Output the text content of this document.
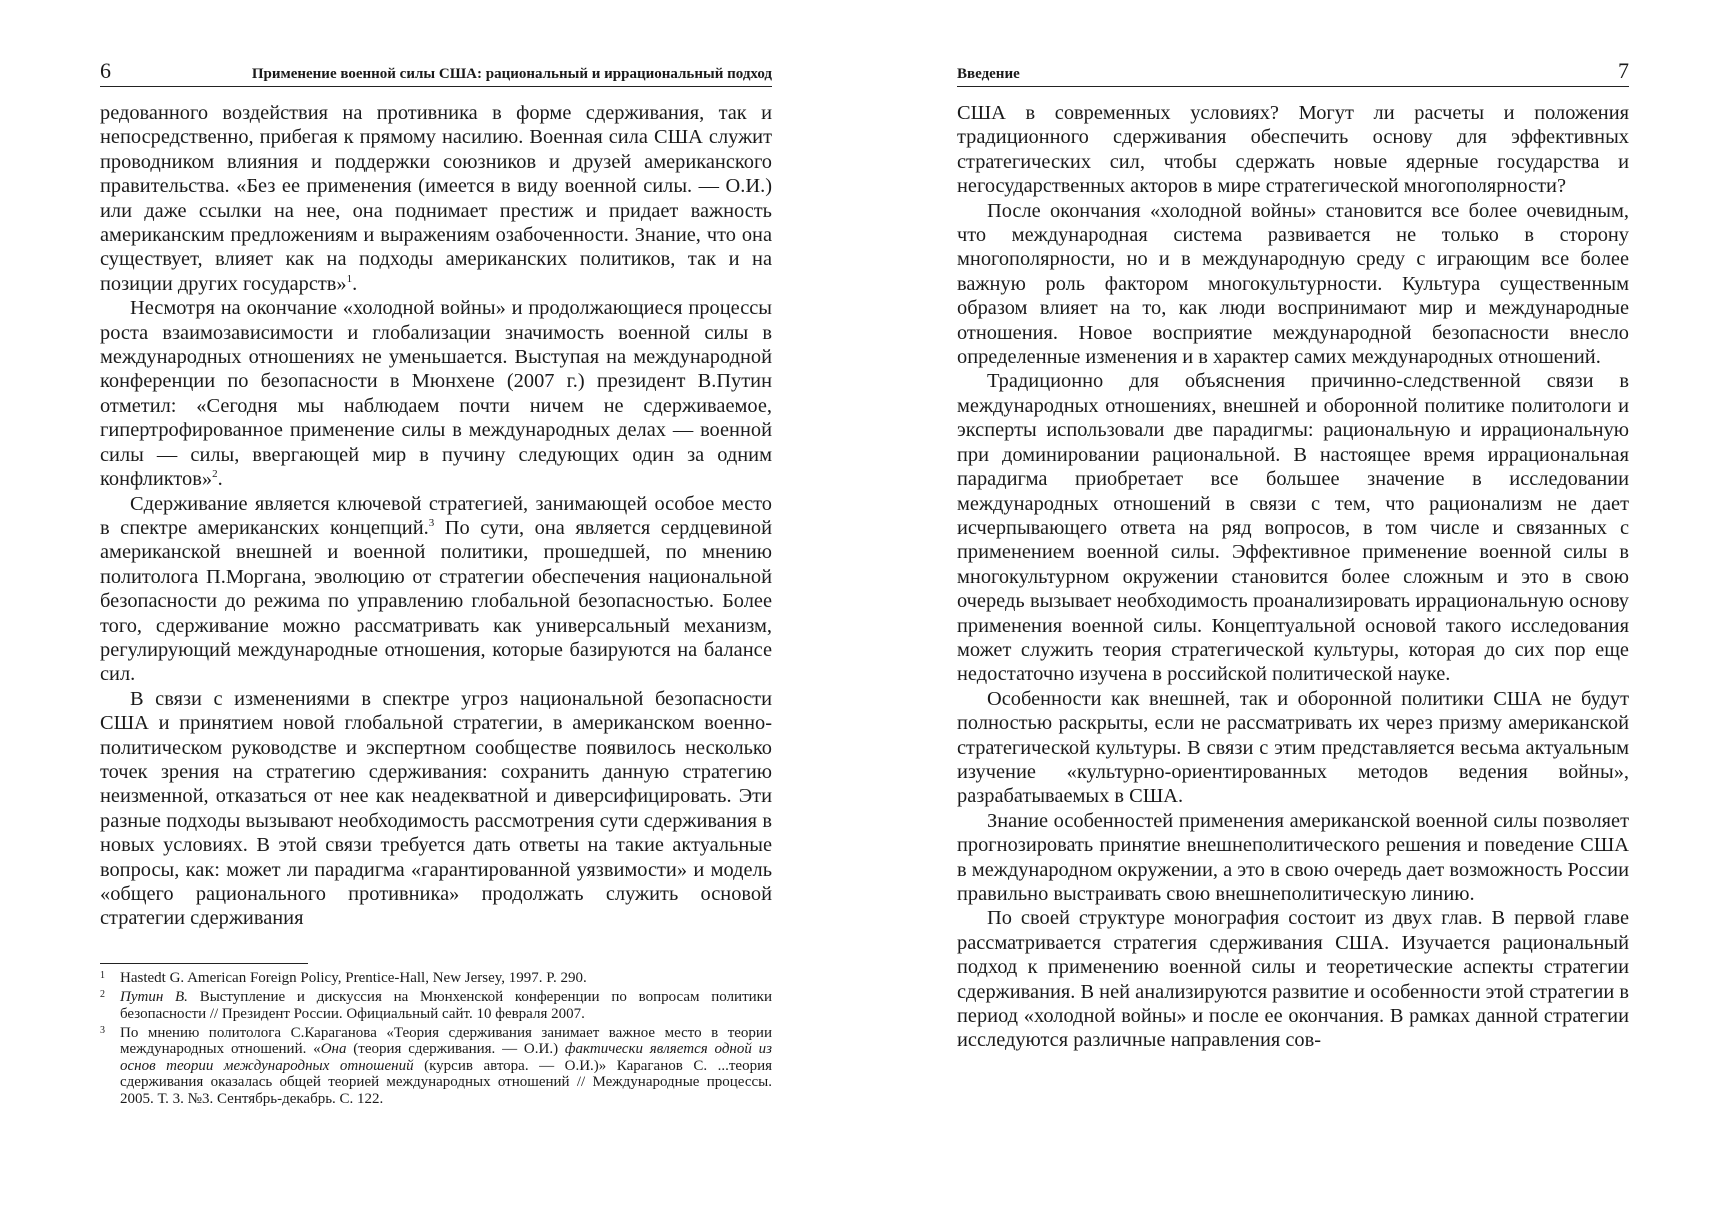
6	Применение военной силы США: рациональный и иррациональный подход

редованного воздействия на противника в форме сдерживания, так и непосредственно, прибегая к прямому насилию. Военная сила США служит проводником влияния и поддержки союзников и друзей американского правительства. «Без ее применения (имеется в виду военной силы. — О.И.) или даже ссылки на нее, она поднимает престиж и придает важность американским предложениям и выражениям озабоченности. Знание, что она существует, влияет как на подходы американских политиков, так и на позиции других государств»$^1$.

Несмотря на окончание «холодной войны» и продолжающиеся процессы роста взаимозависимости и глобализации значимость военной силы в международных отношениях не уменьшается. Выступая на международной конференции по безопасности в Мюнхене (2007 г.) президент В.Путин отметил: «Сегодня мы наблюдаем почти ничем не сдерживаемое, гипертрофированное применение силы в международных делах — военной силы — силы, ввергающей мир в пучину следующих один за одним конфликтов»$^2$.

Сдерживание является ключевой стратегией, занимающей особое место в спектре американских концепций.$^3$ По сути, она является сердцевиной американской внешней и военной политики, прошедшей, по мнению политолога П.Моргана, эволюцию от стратегии обеспечения национальной безопасности до режима по управлению глобальной безопасностью. Более того, сдерживание можно рассматривать как универсальный механизм, регулирующий международные отношения, которые базируются на балансе сил.

В связи с изменениями в спектре угроз национальной безопасности США и принятием новой глобальной стратегии, в американском военно-политическом руководстве и экспертном сообществе появилось несколько точек зрения на стратегию сдерживания: сохранить данную стратегию неизменной, отказаться от нее как неадекватной и диверсифицировать. Эти разные подходы вызывают необходимость рассмотрения сути сдерживания в новых условиях. В этой связи требуется дать ответы на такие актуальные вопросы, как: может ли парадигма «гарантированной уязвимости» и модель «общего рационального противника» продолжать служить основой стратегии сдерживания

1 Hastedt G. American Foreign Policy, Prentice-Hall, New Jersey, 1997. P. 290.
2 Путин В. Выступление и дискуссия на Мюнхенской конференции по вопросам политики безопасности // Президент России. Официальный сайт. 10 февраля 2007.
3 По мнению политолога С.Караганова «Теория сдерживания занимает важное место в теории международных отношений. «Она (теория сдерживания. — О.И.) фактически является одной из основ теории международных отношений (курсив автора. — О.И.)» Караганов С. ...теория сдерживания оказалась общей теорией международных отношений // Международные процессы. 2005. Т. 3. №3. Сентябрь-декабрь. С. 122.
Введение	7

США в современных условиях? Могут ли расчеты и положения традиционного сдерживания обеспечить основу для эффективных стратегических сил, чтобы сдержать новые ядерные государства и негосударственных акторов в мире стратегической многополярности?

После окончания «холодной войны» становится все более очевидным, что международная система развивается не только в сторону многополярности, но и в международную среду с играющим все более важную роль фактором многокультурности. Культура существенным образом влияет на то, как люди воспринимают мир и международные отношения. Новое восприятие международной безопасности внесло определенные изменения и в характер самих международных отношений.

Традиционно для объяснения причинно-следственной связи в международных отношениях, внешней и оборонной политике политологи и эксперты использовали две парадигмы: рациональную и иррациональную при доминировании рациональной. В настоящее время иррациональная парадигма приобретает все большее значение в исследовании международных отношений в связи с тем, что рационализм не дает исчерпывающего ответа на ряд вопросов, в том числе и связанных с применением военной силы. Эффективное применение военной силы в многокультурном окружении становится более сложным и это в свою очередь вызывает необходимость проанализировать иррациональную основу применения военной силы. Концептуальной основой такого исследования может служить теория стратегической культуры, которая до сих пор еще недостаточно изучена в российской политической науке.

Особенности как внешней, так и оборонной политики США не будут полностью раскрыты, если не рассматривать их через призму американской стратегической культуры. В связи с этим представляется весьма актуальным изучение «культурно-ориентированных методов ведения войны», разрабатываемых в США.

Знание особенностей применения американской военной силы позволяет прогнозировать принятие внешнеполитического решения и поведение США в международном окружении, а это в свою очередь дает возможность России правильно выстраивать свою внешнеполитическую линию.

По своей структуре монография состоит из двух глав. В первой главе рассматривается стратегия сдерживания США. Изучается рациональный подход к применению военной силы и теоретические аспекты стратегии сдерживания. В ней анализируются развитие и особенности этой стратегии в период «холодной войны» и после ее окончания. В рамках данной стратегии исследуются различные направления сов-
